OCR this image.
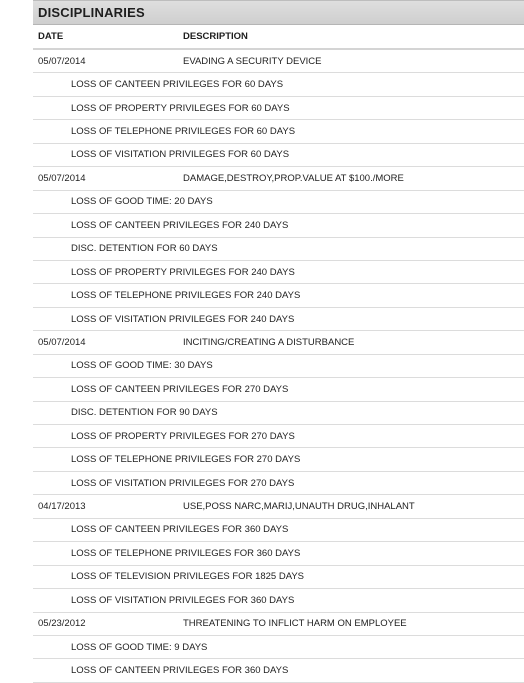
DISCIPLINARIES
DATE	DESCRIPTION
05/07/2014	EVADING A SECURITY DEVICE
LOSS OF CANTEEN PRIVILEGES FOR 60 DAYS
LOSS OF PROPERTY PRIVILEGES FOR 60 DAYS
LOSS OF TELEPHONE PRIVILEGES FOR 60 DAYS
LOSS OF VISITATION PRIVILEGES FOR 60 DAYS
05/07/2014	DAMAGE,DESTROY,PROP.VALUE AT $100./MORE
LOSS OF GOOD TIME: 20 DAYS
LOSS OF CANTEEN PRIVILEGES FOR 240 DAYS
DISC. DETENTION FOR 60 DAYS
LOSS OF PROPERTY PRIVILEGES FOR 240 DAYS
LOSS OF TELEPHONE PRIVILEGES FOR 240 DAYS
LOSS OF VISITATION PRIVILEGES FOR 240 DAYS
05/07/2014	INCITING/CREATING A DISTURBANCE
LOSS OF GOOD TIME: 30 DAYS
LOSS OF CANTEEN PRIVILEGES FOR 270 DAYS
DISC. DETENTION FOR 90 DAYS
LOSS OF PROPERTY PRIVILEGES FOR 270 DAYS
LOSS OF TELEPHONE PRIVILEGES FOR 270 DAYS
LOSS OF VISITATION PRIVILEGES FOR 270 DAYS
04/17/2013	USE,POSS NARC,MARIJ,UNAUTH DRUG,INHALANT
LOSS OF CANTEEN PRIVILEGES FOR 360 DAYS
LOSS OF TELEPHONE PRIVILEGES FOR 360 DAYS
LOSS OF TELEVISION PRIVILEGES FOR 1825 DAYS
LOSS OF VISITATION PRIVILEGES FOR 360 DAYS
05/23/2012	THREATENING TO INFLICT HARM ON EMPLOYEE
LOSS OF GOOD TIME: 9 DAYS
LOSS OF CANTEEN PRIVILEGES FOR 360 DAYS
